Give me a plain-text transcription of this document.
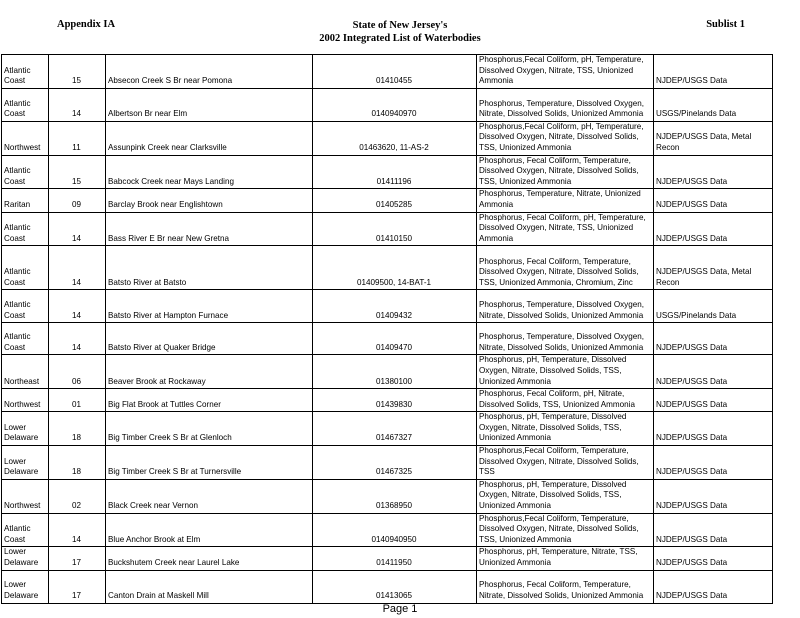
Appendix IA	State of New Jersey's
2002 Integrated List of Waterbodies
Sublist 1
Atlantic Coast	15	Absecon Creek S Br near Pomona	01410455	Phosphorus,Fecal Coliform, pH, Temperature, Dissolved Oxygen, Nitrate, TSS, Unionized Ammonia	NJDEP/USGS Data
Atlantic Coast	14	Albertson Br near Elm	0140940970	Phosphorus, Temperature, Dissolved Oxygen, Nitrate, Dissolved Solids, Unionized Ammonia	USGS/Pinelands Data
Northwest	11	Assunpink Creek near Clarksville	01463620, 11-AS-2	Phosphorus,Fecal Coliform, pH, Temperature, Dissolved Oxygen, Nitrate, Dissolved Solids, TSS, Unionized Ammonia	NJDEP/USGS Data, Metal Recon
Atlantic Coast	15	Babcock Creek near Mays Landing	01411196	Phosphorus, Fecal Coliform, Temperature, Dissolved Oxygen, Nitrate, Dissolved Solids, TSS, Unionized Ammonia	NJDEP/USGS Data
Raritan	09	Barclay Brook near Englishtown	01405285	Phosphorus, Temperature, Nitrate, Unionized Ammonia	NJDEP/USGS Data
Atlantic Coast	14	Bass River E Br near New Gretna	01410150	Phosphorus, Fecal Coliform, pH, Temperature, Dissolved Oxygen, Nitrate, TSS, Unionized Ammonia	NJDEP/USGS Data
Atlantic Coast	14	Batsto River at Batsto	01409500, 14-BAT-1	Phosphorus, Fecal Coliform, Temperature, Dissolved Oxygen, Nitrate, Dissolved Solids, TSS, Unionized Ammonia, Chromium, Zinc	NJDEP/USGS Data, Metal Recon
Atlantic Coast	14	Batsto River at Hampton Furnace	01409432	Phosphorus, Temperature, Dissolved Oxygen, Nitrate, Dissolved Solids, Unionized Ammonia	USGS/Pinelands Data
Atlantic Coast	14	Batsto River at Quaker Bridge	01409470	Phosphorus, Temperature, Dissolved Oxygen, Nitrate, Dissolved Solids, Unionized Ammonia	NJDEP/USGS Data
Northeast	06	Beaver Brook at Rockaway	01380100	Phosphorus, pH, Temperature, Dissolved Oxygen, Nitrate, Dissolved Solids, TSS, Unionized Ammonia	NJDEP/USGS Data
Northwest	01	Big Flat Brook at Tuttles Corner	01439830	Phosphorus, Fecal Coliform, pH, Nitrate, Dissolved Solids, TSS, Unionized Ammonia	NJDEP/USGS Data
Lower Delaware	18	Big Timber Creek S Br at Glenloch	01467327	Phosphorus, pH, Temperature, Dissolved Oxygen, Nitrate, Dissolved Solids, TSS, Unionized Ammonia	NJDEP/USGS Data
Lower Delaware	18	Big Timber Creek S Br at Turnersville	01467325	Phosphorus,Fecal Coliform, Temperature, Dissolved Oxygen, Nitrate, Dissolved Solids, TSS	NJDEP/USGS Data
Northwest	02	Black Creek near Vernon	01368950	Phosphorus, pH, Temperature, Dissolved Oxygen, Nitrate, Dissolved Solids, TSS, Unionized Ammonia	NJDEP/USGS Data
Atlantic Coast	14	Blue Anchor Brook at Elm	0140940950	Phosphorus,Fecal Coliform, Temperature, Dissolved Oxygen, Nitrate, Dissolved Solids, TSS, Unionized Ammonia	NJDEP/USGS Data
Lower Delaware	17	Buckshutem Creek near Laurel Lake	01411950	Phosphorus, pH, Temperature, Nitrate, TSS, Unionized Ammonia	NJDEP/USGS Data
Lower Delaware	17	Canton Drain at Maskell Mill	01413065	Phosphorus, Fecal Coliform, Temperature, Nitrate, Dissolved Solids, Unionized Ammonia	NJDEP/USGS Data
Page 1
